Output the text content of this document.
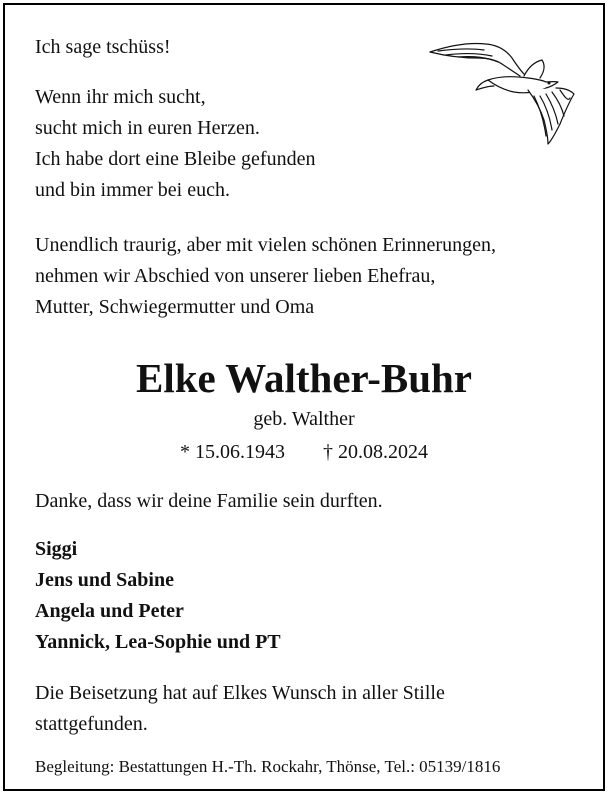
Ich sage tschüss!

Wenn ihr mich sucht,

sucht mich in euren Herzen.

Ich habe dort eine Bleibe gefunden

und bin immer bei euch.

Unendlich traurig, aber mit vielen schönen Erinnerungen,

nehmen wir Abschied von unserer lieben Ehefrau,

Mutter, Schwiegermutter und Oma

Elke Walther-Buhr

geb. Walther

* 15.06.1943 † 20.08.2024

Danke, dass wir deine Familie sein durften.

Siggi

Jens und Sabine

Angela und Peter

Yannick, Lea-Sophie und PT

Die Beisetzung hat auf Elkes Wunsch in aller Stille

stattgefunden.

Begleitung: Bestattungen H.-Th. Rockahr, Thönse, Tel.: 05139/1816
